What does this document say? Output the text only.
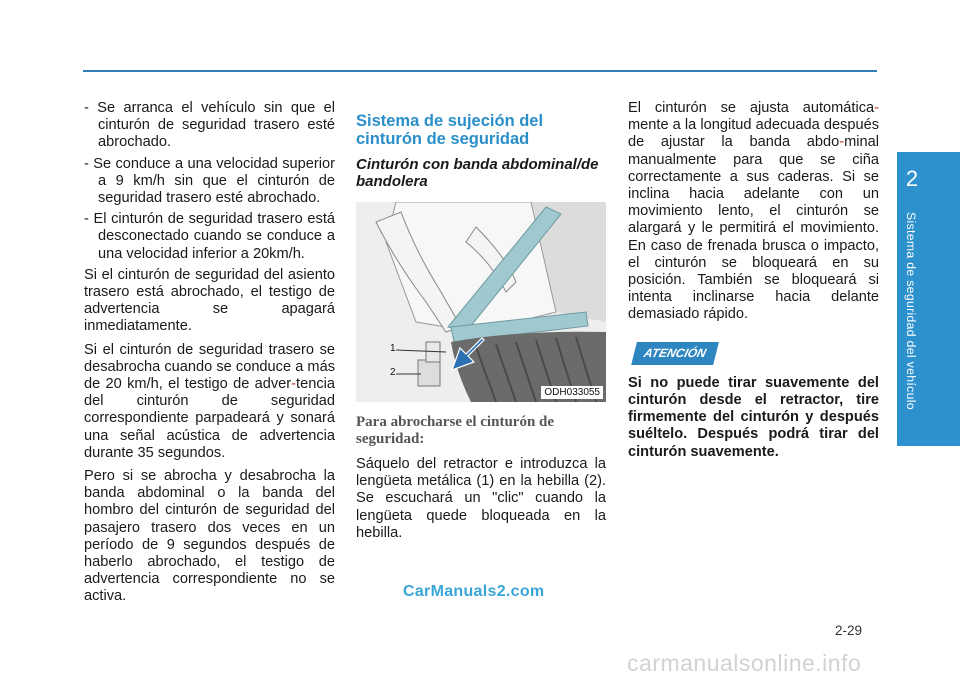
- Se arranca el vehículo sin que el cinturón de seguridad trasero esté abrochado.

- Se conduce a una velocidad superior a 9 km/h sin que el cinturón de seguridad trasero esté abrochado.

- El cinturón de seguridad trasero está desconectado cuando se conduce a una velocidad inferior a 20km/h.

Si el cinturón de seguridad del asiento trasero está abrochado, el testigo de advertencia se apagará inmediatamente.

Si el cinturón de seguridad trasero se desabrocha cuando se conduce a más de 20 km/h, el testigo de adver-tencia del cinturón de seguridad correspondiente parpadeará y sonará una señal acústica de advertencia durante 35 segundos.

Pero si se abrocha y desabrocha la banda abdominal o la banda del hombro del cinturón de seguridad del pasajero trasero dos veces en un período de 9 segundos después de haberlo abrochado, el testigo de advertencia correspondiente no se activa.

Sistema de sujeción del cinturón de seguridad
Cinturón con banda abdominal/de bandolera
1
2
ODH033055
Para abrocharse el cinturón de seguridad:

Sáquelo del retractor e introduzca la lengüeta metálica (1) en la hebilla (2). Se escuchará un "clic" cuando la lengüeta quede bloqueada en la hebilla.

El cinturón se ajusta automática-mente a la longitud adecuada después de ajustar la banda abdo-minal manualmente para que se ciña correctamente a sus caderas. Si se inclina hacia adelante con un movimiento lento, el cinturón se alargará y le permitirá el movimiento. En caso de frenada brusca o impacto, el cinturón se bloqueará en su posición. También se bloqueará si intenta inclinarse hacia delante demasiado rápido.

ATENCIÓN

Si no puede tirar suavemente del cinturón desde el retractor, tire firmemente del cinturón y después suéltelo. Después podrá tirar del cinturón suavemente.

2
Sistema de seguridad del vehículo
2-29
CarManuals2.com
carmanualsonline.info
